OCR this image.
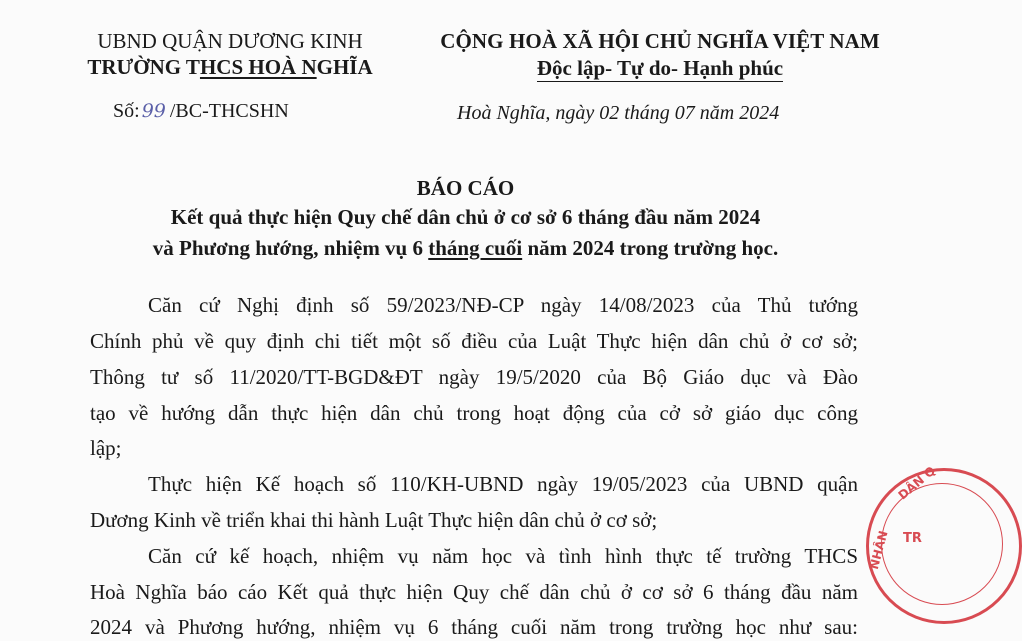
UBND QUẬN DƯƠNG KINH
TRƯỜNG THCS HOÀ NGHĨA
CỘNG HOÀ XÃ HỘI CHỦ NGHĨA VIỆT NAM
Độc lập- Tự do- Hạnh phúc
Số: 99 /BC-THCSHN	Hoà Nghĩa, ngày 02 tháng 07 năm 2024
BÁO CÁO
Kết quả thực hiện Quy chế dân chủ ở cơ sở 6 tháng đầu năm 2024
và Phương hướng, nhiệm vụ 6 tháng cuối năm 2024 trong trường học.
Căn cứ Nghị định số 59/2023/NĐ-CP ngày 14/08/2023 của Thủ tướng
Chính phủ về quy định chi tiết một số điều của Luật Thực hiện dân chủ ở cơ sở;
Thông tư số 11/2020/TT-BGD&ĐT ngày 19/5/2020 của Bộ Giáo dục và Đào
tạo về hướng dẫn thực hiện dân chủ trong hoạt động của cở sở giáo dục công
lập;
Thực hiện Kế hoạch số 110/KH-UBND ngày 19/05/2023 của UBND quận
Dương Kinh về triển khai thi hành Luật Thực hiện dân chủ ở cơ sở;
Căn cứ kế hoạch, nhiệm vụ năm học và tình hình thực tế trường THCS
Hoà Nghĩa báo cáo Kết quả thực hiện Quy chế dân chủ ở cơ sở 6 tháng đầu năm
2024 và Phương hướng, nhiệm vụ 6 tháng cuối năm trong trường học như sau:
DÂN Q
NHÂN TR
